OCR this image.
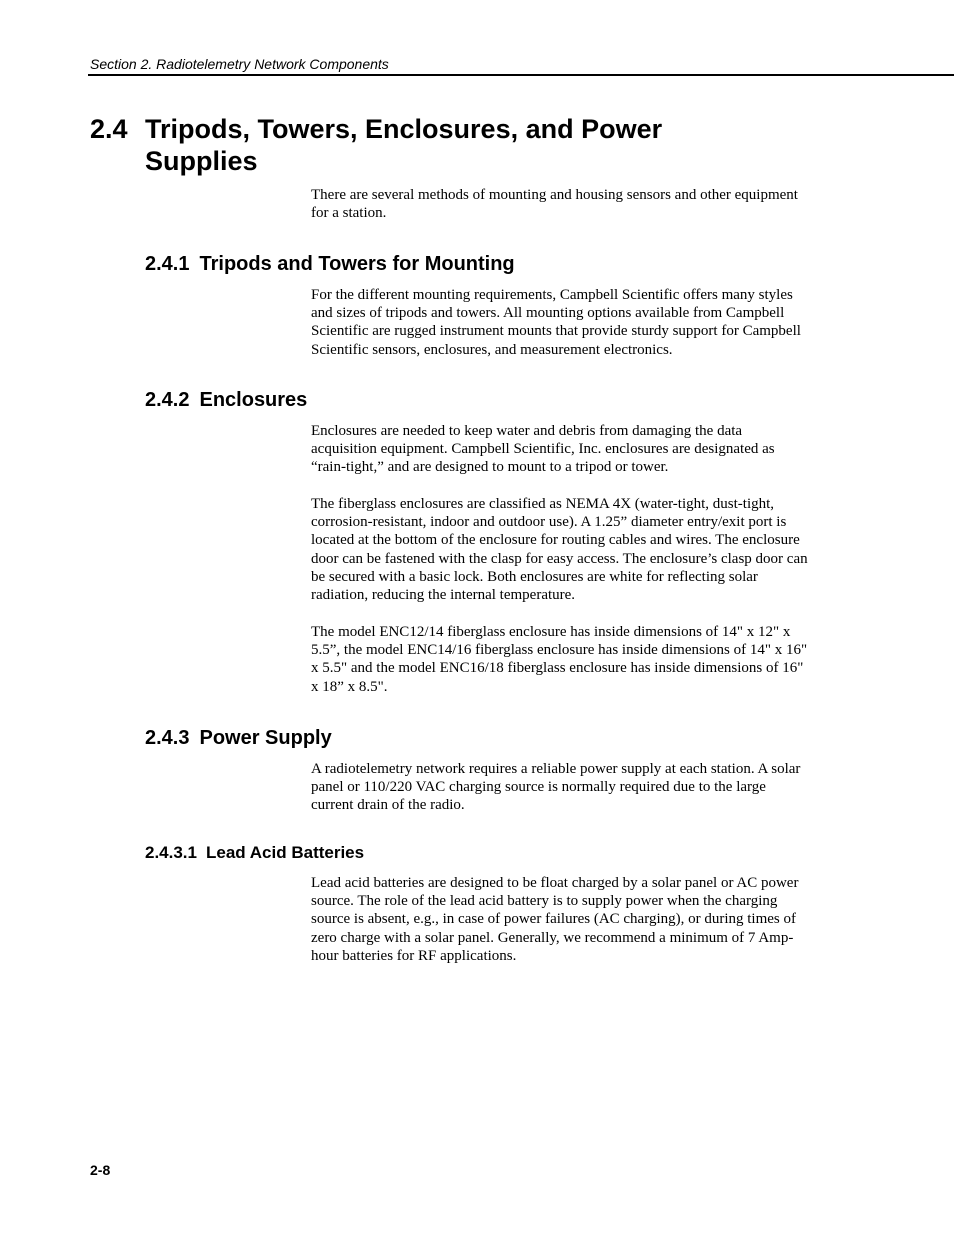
Section 2. Radiotelemetry Network Components
2.4 Tripods, Towers, Enclosures, and Power
Supplies

There are several methods of mounting and housing sensors and other equipment for a station.

2.4.1 Tripods and Towers for Mounting

For the different mounting requirements, Campbell Scientific offers many styles and sizes of tripods and towers. All mounting options available from Campbell Scientific are rugged instrument mounts that provide sturdy support for Campbell Scientific sensors, enclosures, and measurement electronics.

2.4.2 Enclosures

Enclosures are needed to keep water and debris from damaging the data acquisition equipment. Campbell Scientific, Inc. enclosures are designated as “rain-tight,” and are designed to mount to a tripod or tower.

The fiberglass enclosures are classified as NEMA 4X (water-tight, dust-tight, corrosion-resistant, indoor and outdoor use). A 1.25” diameter entry/exit port is located at the bottom of the enclosure for routing cables and wires. The enclosure door can be fastened with the clasp for easy access. The enclosure’s clasp door can be secured with a basic lock. Both enclosures are white for reflecting solar radiation, reducing the internal temperature.

The model ENC12/14 fiberglass enclosure has inside dimensions of 14" x 12" x 5.5”, the model ENC14/16 fiberglass enclosure has inside dimensions of 14" x 16" x 5.5" and the model ENC16/18 fiberglass enclosure has inside dimensions of 16" x 18” x 8.5".

2.4.3 Power Supply

A radiotelemetry network requires a reliable power supply at each station. A solar panel or 110/220 VAC charging source is normally required due to the large current drain of the radio.

2.4.3.1 Lead Acid Batteries

Lead acid batteries are designed to be float charged by a solar panel or AC power source. The role of the lead acid battery is to supply power when the charging source is absent, e.g., in case of power failures (AC charging), or during times of zero charge with a solar panel. Generally, we recommend a minimum of 7 Amp-hour batteries for RF applications.

2-8
